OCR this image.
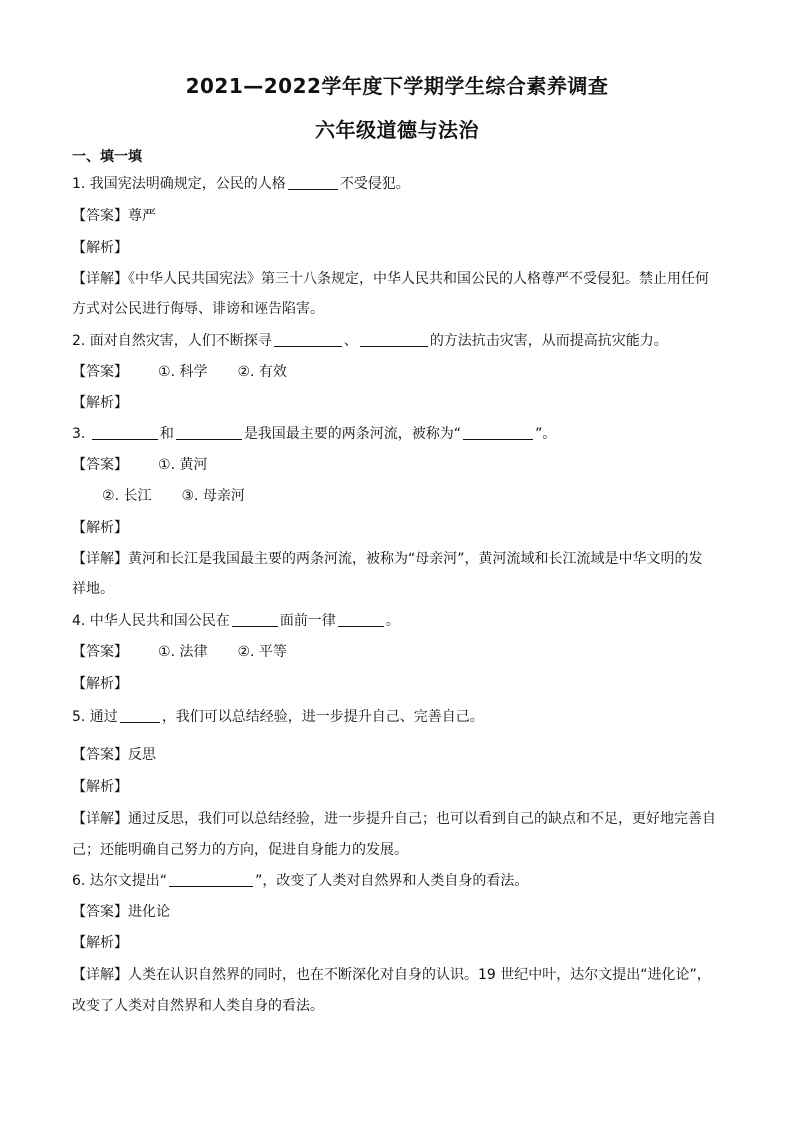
2021—2022学年度下学期学生综合素养调查
六年级道德与法治
一、填一填
1. 我国宪法明确规定，公民的人格	不受侵犯。
【答案】尊严
【解析】
【详解】《中华人民共国宪法》第三十八条规定，中华人民共和国公民的人格尊严不受侵犯。禁止用任何
方式对公民进行侮辱、诽谤和诬告陷害。
2. 面对自然灾害，人们不断探寻	、	的方法抗击灾害，从而提高抗灾能力。
【答案】 ①. 科学 ②. 有效
【解析】
3.	和	是我国最主要的两条河流，被称为“	”。
【答案】 ①. 黄河
②. 长江 ③. 母亲河
【解析】
【详解】黄河和长江是我国最主要的两条河流，被称为“母亲河”，黄河流域和长江流域是中华文明的发
祥地。
4. 中华人民共和国公民在	面前一律	。
【答案】 ①. 法律 ②. 平等
【解析】
5. 通过	，我们可以总结经验，进一步提升自己、完善自己。
【答案】反思
【解析】
【详解】通过反思，我们可以总结经验，进一步提升自己；也可以看到自己的缺点和不足，更好地完善自
己；还能明确自己努力的方向，促进自身能力的发展。
6. 达尔文提出“	”，改变了人类对自然界和人类自身的看法。
【答案】进化论
【解析】
【详解】人类在认识自然界的同时，也在不断深化对自身的认识。19 世纪中叶，达尔文提出“进化论”，
改变了人类对自然界和人类自身的看法。
